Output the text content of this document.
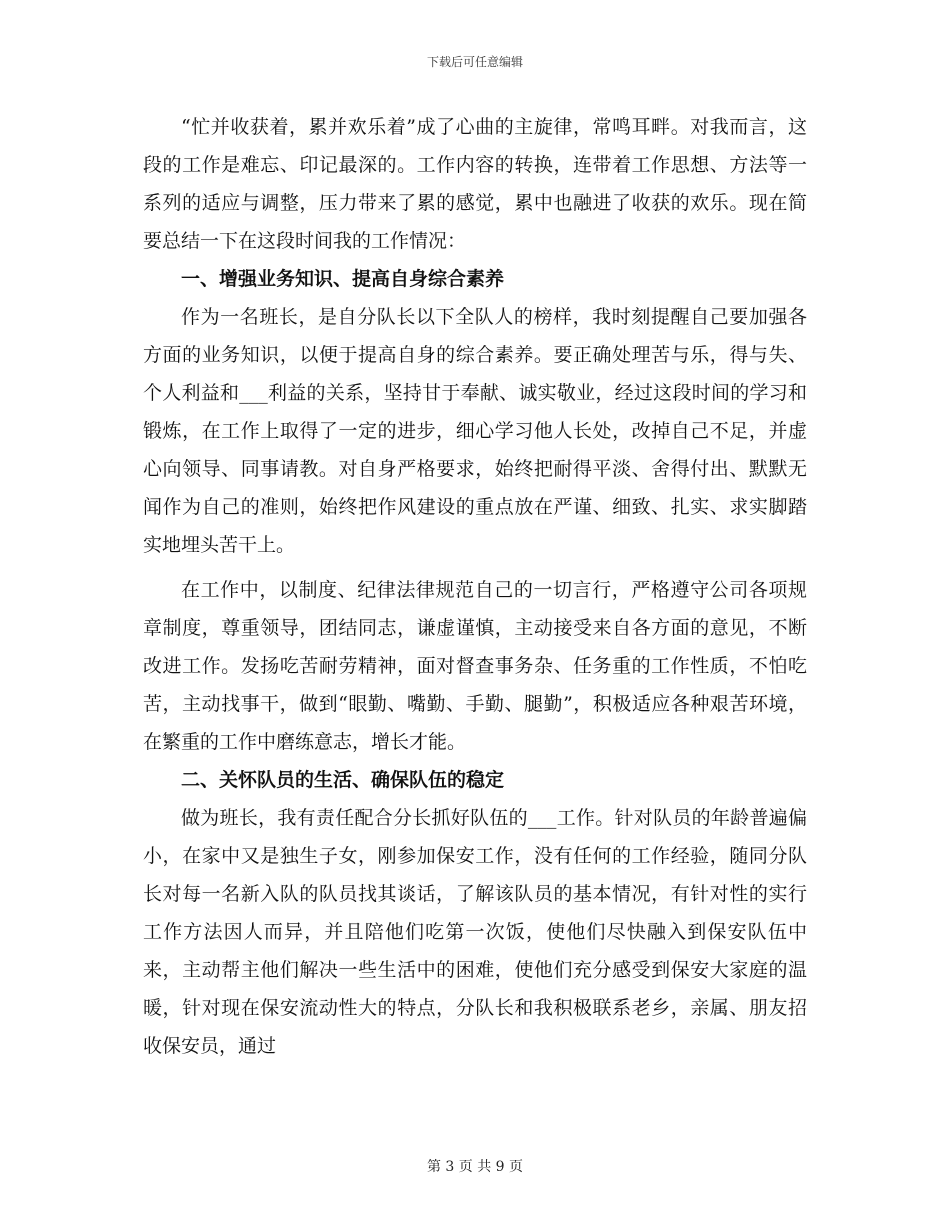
下载后可任意编辑

“忙并收获着，累并欢乐着”成了心曲的主旋律，常鸣耳畔。对我而言，这段的工作是难忘、印记最深的。工作内容的转换，连带着工作思想、方法等一系列的适应与调整，压力带来了累的感觉，累中也融进了收获的欢乐。现在简要总结一下在这段时间我的工作情况：

一、增强业务知识、提高自身综合素养

作为一名班长，是自分队长以下全队人的榜样，我时刻提醒自己要加强各方面的业务知识，以便于提高自身的综合素养。要正确处理苦与乐，得与失、个人利益和___利益的关系，坚持甘于奉献、诚实敬业，经过这段时间的学习和锻炼，在工作上取得了一定的进步，细心学习他人长处，改掉自己不足，并虚心向领导、同事请教。对自身严格要求，始终把耐得平淡、舍得付出、默默无闻作为自己的准则，始终把作风建设的重点放在严谨、细致、扎实、求实脚踏实地埋头苦干上。

在工作中，以制度、纪律法律规范自己的一切言行，严格遵守公司各项规章制度，尊重领导，团结同志，谦虚谨慎，主动接受来自各方面的意见，不断改进工作。发扬吃苦耐劳精神，面对督查事务杂、任务重的工作性质，不怕吃苦，主动找事干，做到“眼勤、嘴勤、手勤、腿勤”，积极适应各种艰苦环境，在繁重的工作中磨练意志，增长才能。

二、关怀队员的生活、确保队伍的稳定

做为班长，我有责任配合分长抓好队伍的___工作。针对队员的年龄普遍偏小，在家中又是独生子女，刚参加保安工作，没有任何的工作经验，随同分队长对每一名新入队的队员找其谈话，了解该队员的基本情况，有针对性的实行工作方法因人而异，并且陪他们吃第一次饭，使他们尽快融入到保安队伍中来，主动帮主他们解决一些生活中的困难，使他们充分感受到保安大家庭的温暖，针对现在保安流动性大的特点，分队长和我积极联系老乡，亲属、朋友招收保安员，通过

第 3 页 共 9 页
